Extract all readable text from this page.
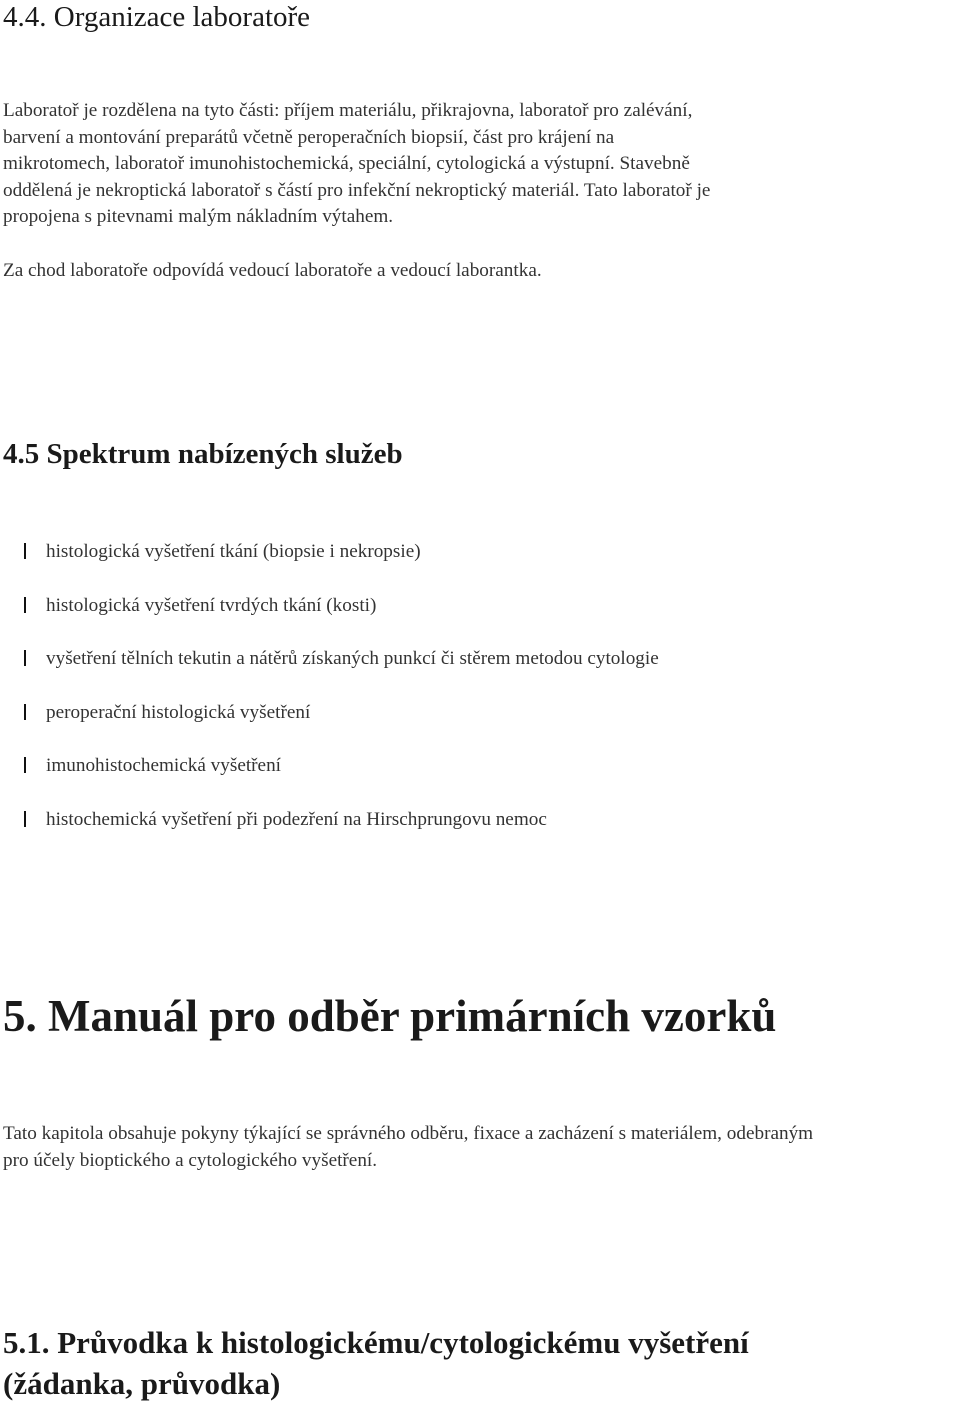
4.4. Organizace laboratoře
Laboratoř je rozdělena na tyto části: příjem materiálu, přikrajovna, laboratoř pro zalévání,
barvení a montování preparátů včetně peroperačních biopsií, část pro krájení na
mikrotomech, laboratoř imunohistochemická, speciální, cytologická a výstupní. Stavebně
oddělená je nekroptická laboratoř s částí pro infekční nekroptický materiál. Tato laboratoř je
propojena s pitevnami malým nákladním výtahem.

Za chod laboratoře odpovídá vedoucí laboratoře a vedoucí laborantka.

4.5 Spektrum nabízených služeb
histologická vyšetření tkání (biopsie i nekropsie)
histologická vyšetření tvrdých tkání (kosti)
vyšetření tělních tekutin a nátěrů získaných punkcí či stěrem metodou cytologie
peroperační histologická vyšetření
imunohistochemická vyšetření
histochemická vyšetření při podezření na Hirschprungovu nemoc
5. Manuál pro odběr primárních vzorků
Tato kapitola obsahuje pokyny týkající se správného odběru, fixace a zacházení s materiálem, odebraným
pro účely bioptického a cytologického vyšetření.
5.1. Průvodka k histologickému/cytologickému vyšetření
(žádanka, průvodka)
